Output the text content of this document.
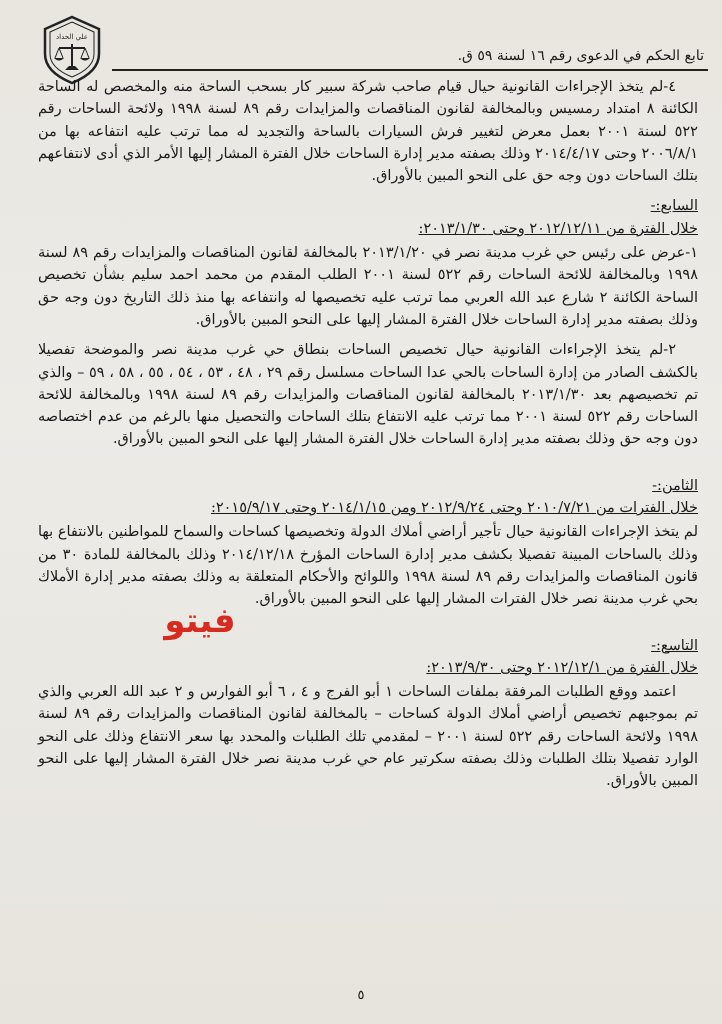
علي الحداد
تابع الحكم في الدعوى رقم ١٦ لسنة ٥٩ ق.

٤-لم يتخذ الإجراءات القانونية حيال قيام صاحب شركة سبير كار بسحب الساحة منه والمخصص له الساحة الكائنة ٨ امتداد رمسيس وبالمخالفة لقانون المناقصات والمزايدات رقم ٨٩ لسنة ١٩٩٨ ولائحة الساحات رقم ٥٢٢ لسنة ٢٠٠١ بعمل معرض لتغيير فرش السيارات بالساحة والتجديد له مما ترتب عليه انتفاعه بها من ٢٠٠٦/٨/١ وحتى ٢٠١٤/٤/١٧ وذلك بصفته مدير إدارة الساحات خلال الفترة المشار إليها الأمر الذي أدى لانتفاعهم بتلك الساحات دون وجه حق على النحو المبين بالأوراق.

السابع:-

خلال الفترة من ٢٠١٢/١٢/١١ وحتى ٢٠١٣/١/٣٠:

١-عرض على رئيس حي غرب مدينة نصر في ٢٠١٣/١/٢٠ بالمخالفة لقانون المناقصات والمزايدات رقم ٨٩ لسنة ١٩٩٨ وبالمخالفة للائحة الساحات رقم ٥٢٢ لسنة ٢٠٠١ الطلب المقدم من محمد احمد سليم بشأن تخصيص الساحة الكائنة ٢ شارع عبد الله العربي مما ترتب عليه تخصيصها له وانتفاعه بها منذ ذلك التاريخ دون وجه حق وذلك بصفته مدير إدارة الساحات خلال الفترة المشار إليها على النحو المبين بالأوراق.

٢-لم يتخذ الإجراءات القانونية حيال تخصيص الساحات بنطاق حي غرب مدينة نصر والموضحة تفصيلا بالكشف الصادر من إدارة الساحات بالحي عدا الساحات مسلسل رقم ٢٩ ، ٤٨ ، ٥٣ ، ٥٤ ، ٥٥ ، ٥٨ ، ٥٩ – والذي تم تخصيصهم بعد ٢٠١٣/١/٣٠ بالمخالفة لقانون المناقصات والمزايدات رقم ٨٩ لسنة ١٩٩٨ وبالمخالفة للائحة الساحات رقم ٥٢٢ لسنة ٢٠٠١ مما ترتب عليه الانتفاع بتلك الساحات والتحصيل منها بالرغم من عدم اختصاصه دون وجه حق وذلك بصفته مدير إدارة الساحات خلال الفترة المشار إليها على النحو المبين بالأوراق.

الثامن:-

خلال الفترات من ٢٠١٠/٧/٢١ وحتى ٢٠١٢/٩/٢٤ ومن ٢٠١٤/١/١٥ وحتى ٢٠١٥/٩/١٧:

لم يتخذ الإجراءات القانونية حيال تأجير أراضي أملاك الدولة وتخصيصها كساحات والسماح للمواطنين بالانتفاع بها وذلك بالساحات المبينة تفصيلا بكشف مدير إدارة الساحات المؤرخ ٢٠١٤/١٢/١٨ وذلك بالمخالفة للمادة ٣٠ من قانون المناقصات والمزايدات رقم ٨٩ لسنة ١٩٩٨ واللوائح والأحكام المتعلقة به وذلك بصفته مدير إدارة الأملاك بحي غرب مدينة نصر خلال الفترات المشار إليها على النحو المبين بالأوراق.

التاسع:-

خلال الفترة من ٢٠١٢/١٢/١ وحتى ٢٠١٣/٩/٣٠:

اعتمد ووقع الطلبات المرفقة بملفات الساحات ١ أبو الفرج و ٤ ، ٦ أبو الفوارس و ٢ عبد الله العربي والذي تم بموجبهم تخصيص أراضي أملاك الدولة كساحات – بالمخالفة لقانون المناقصات والمزايدات رقم ٨٩ لسنة ١٩٩٨ ولائحة الساحات رقم ٥٢٢ لسنة ٢٠٠١ – لمقدمي تلك الطلبات والمحدد بها سعر الانتفاع وذلك على النحو الوارد تفصيلا بتلك الطلبات وذلك بصفته سكرتير عام حي غرب مدينة نصر خلال الفترة المشار إليها على النحو المبين بالأوراق.

فيتو
٥
